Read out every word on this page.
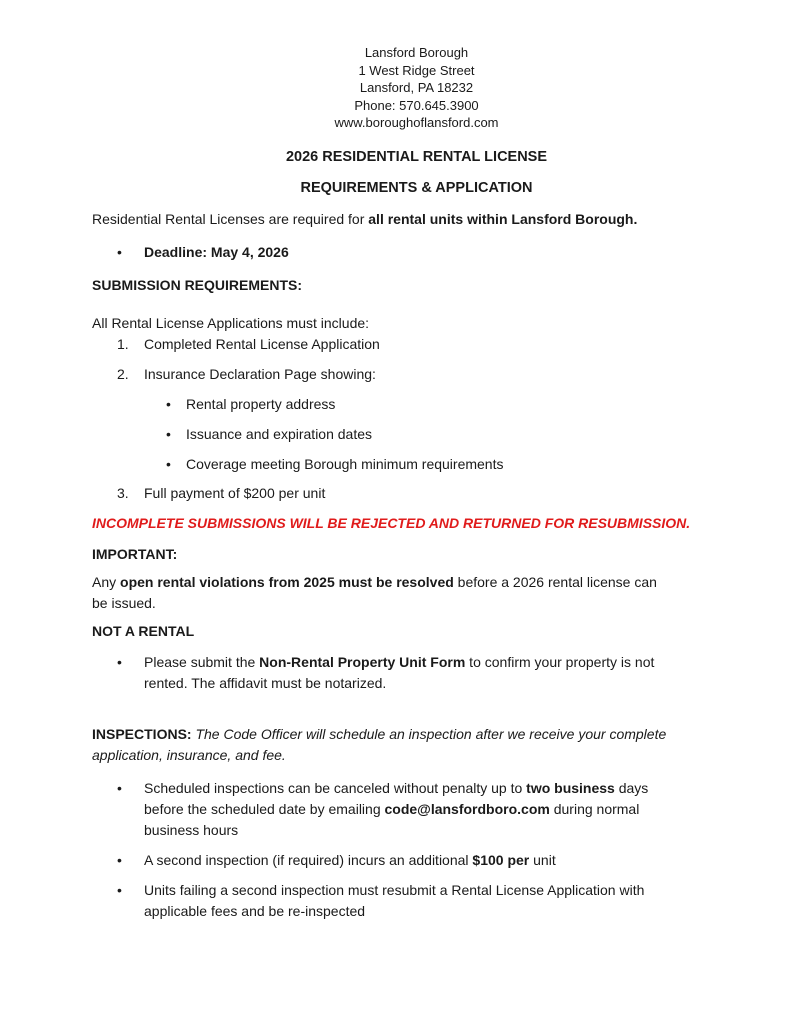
Lansford Borough
1 West Ridge Street
Lansford, PA 18232
Phone: 570.645.3900
www.boroughoflansford.com
2026 RESIDENTIAL RENTAL LICENSE
REQUIREMENTS & APPLICATION

Residential Rental Licenses are required for all rental units within Lansford Borough.

•	Deadline: May 4, 2026

SUBMISSION REQUIREMENTS:

All Rental License Applications must include:

1.	Completed Rental License Application
2.	Insurance Declaration Page showing:
•	Rental property address
•	Issuance and expiration dates
•	Coverage meeting Borough minimum requirements
3.	Full payment of $200 per unit

INCOMPLETE SUBMISSIONS WILL BE REJECTED AND RETURNED FOR RESUBMISSION.

IMPORTANT:

Any open rental violations from 2025 must be resolved before a 2026 rental license can
be issued.

NOT A RENTAL

•	Please submit the Non-Rental Property Unit Form to confirm your property is not
rented. The affidavit must be notarized.

INSPECTIONS: The Code Officer will schedule an inspection after we receive your complete
application, insurance, and fee.

•	Scheduled inspections can be canceled without penalty up to two business days
before the scheduled date by emailing code@lansfordboro.com during normal
business hours
•	A second inspection (if required) incurs an additional $100 per unit
•	Units failing a second inspection must resubmit a Rental License Application with
applicable fees and be re-inspected
